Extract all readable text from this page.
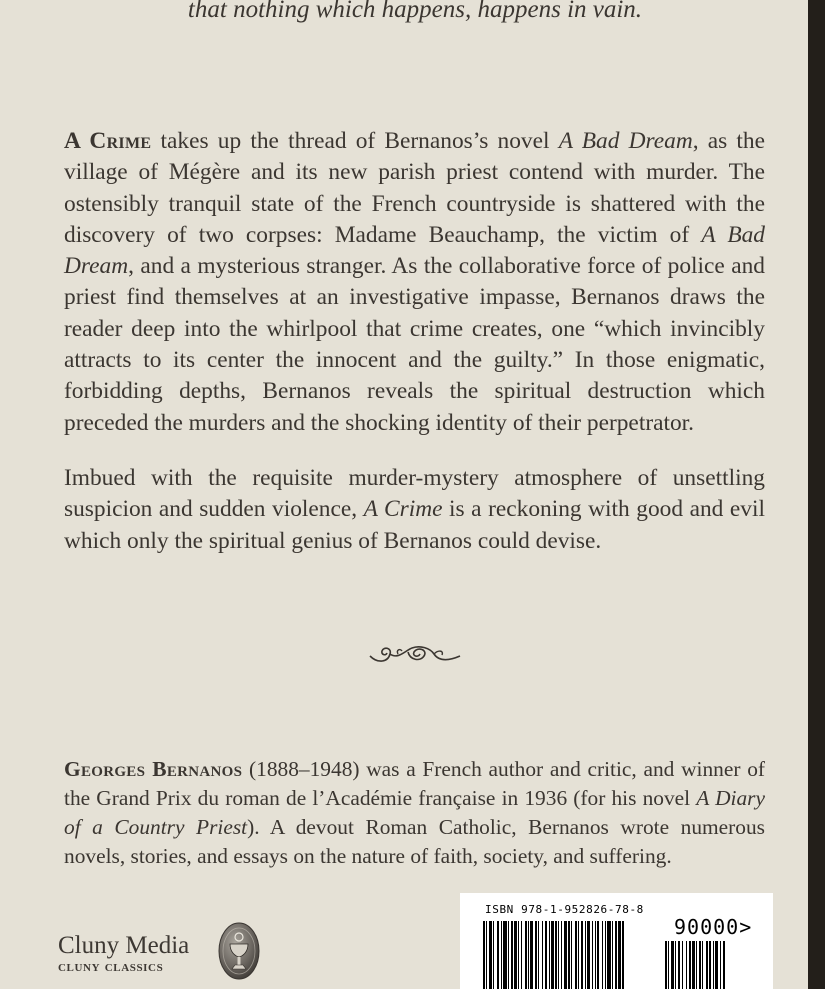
that nothing which happens, happens in vain.

A Crime takes up the thread of Bernanos’s novel A Bad Dream, as the village of Mégère and its new parish priest contend with murder. The ostensibly tranquil state of the French countryside is shattered with the discovery of two corpses: Madame Beauchamp, the victim of A Bad Dream, and a mysterious stranger. As the collaborative force of police and priest find themselves at an investigative impasse, Bernanos draws the reader deep into the whirlpool that crime creates, one “which invincibly attracts to its center the innocent and the guilty.” In those enigmatic, forbidding depths, Bernanos reveals the spiritual destruction which preceded the murders and the shocking identity of their perpetrator.

Imbued with the requisite murder-mystery atmosphere of unsettling suspicion and sudden violence, A Crime is a reckoning with good and evil which only the spiritual genius of Bernanos could devise.

Georges Bernanos (1888–1948) was a French author and critic, and winner of the Grand Prix du roman de l’Académie française in 1936 (for his novel A Diary of a Country Priest). A devout Roman Catholic, Bernanos wrote numerous novels, stories, and essays on the nature of faith, society, and suffering.

Cluny Media
cluny classics
ISBN 978-1-952826-78-8
90000>
